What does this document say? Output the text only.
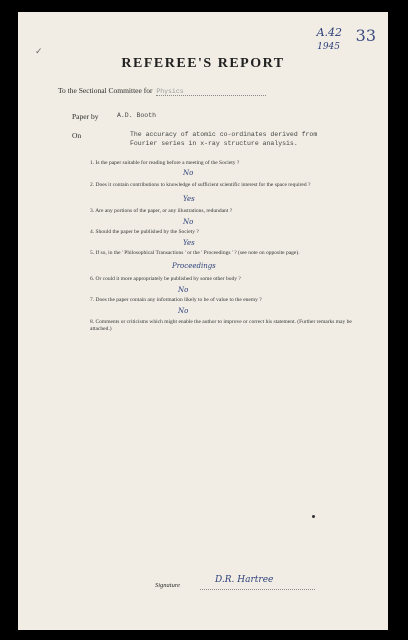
✓
A.42
1945
33
REFEREE'S REPORT
To the Sectional Committee for Physics
Paper by	A.D. Booth
On	The accuracy of atomic co-ordinates derived from
Fourier series in x-ray structure analysis.
1. Is the paper suitable for reading before a meeting of the Society ?
No
2. Does it contain contributions to knowledge of sufficient scientific interest for the space required ?
Yes
3. Are any portions of the paper, or any illustrations, redundant ?
No
4. Should the paper be published by the Society ?
Yes
5. If so, in the ' Philosophical Transactions ' or the ' Proceedings ' ? (see note on opposite page).
Proceedings
6. Or could it more appropriately be published by some other body ?
No
7. Does the paper contain any information likely to be of value to the enemy ?
No
8. Comments or criticisms which might enable the author to improve or correct his statement. (Further remarks may be attached.)
Signature
D.R. Hartree
